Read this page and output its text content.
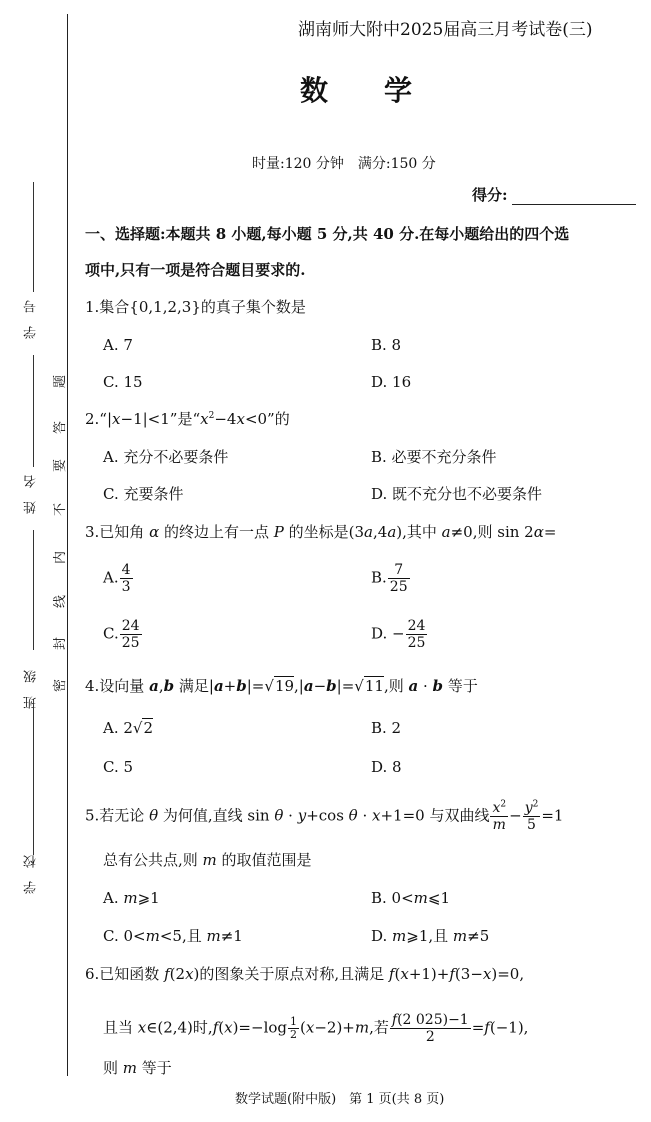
学　号
姓　名
班　级
学　校
题
答
要
不
内
线
封
密
湖南师大附中2025届高三月考试卷(三)
数　　学
时量:120 分钟　满分:150 分
得分:
一、选择题:本题共 8 小题,每小题 5 分,共 40 分.在每小题给出的四个选
项中,只有一项是符合题目要求的.
1.集合{0,1,2,3}的真子集个数是
A. 7	B. 8
C. 15	D. 16
2.“|x−1|<1”是“$x^2-4x<0$”的
A. 充分不必要条件	B. 必要不充分条件
C. 充要条件	D. 既不充分也不必要条件
3.已知角 α 的终边上有一点 P 的坐标是(3a,4a),其中 a≠0,则 sin 2α=
A. $\frac{4}{3}$	B. $\frac{7}{25}$
C. $\frac{24}{25}$	D. − $\frac{24}{25}$
4.设向量 a,b 满足|a+b|=√19,|a−b|=√11,则 a · b 等于
A. 2√2	B. 2
C. 5	D. 8
5.若无论 θ 为何值,直线 sin θ · y+cos θ · x+1=0 与双曲线 $\frac{x^2}{m} - \frac{y^2}{5} =1$
总有公共点,则 m 的取值范围是
A. m⩾1	B. 0<m⩽1
C. 0<m<5,且 m≠1	D. m⩾1,且 m≠5
6.已知函数 f(2x)的图象关于原点对称,且满足 f(x+1)+f(3−x)=0,
且当 x∈(2,4)时$,f(x)=-\log \frac{1}{2} (x-2)+m$,若 $\frac{f(2 025)-1}{2} =f(-1)$,
则 m 等于
数学试题(附中版)　第 1 页(共 8 页)
